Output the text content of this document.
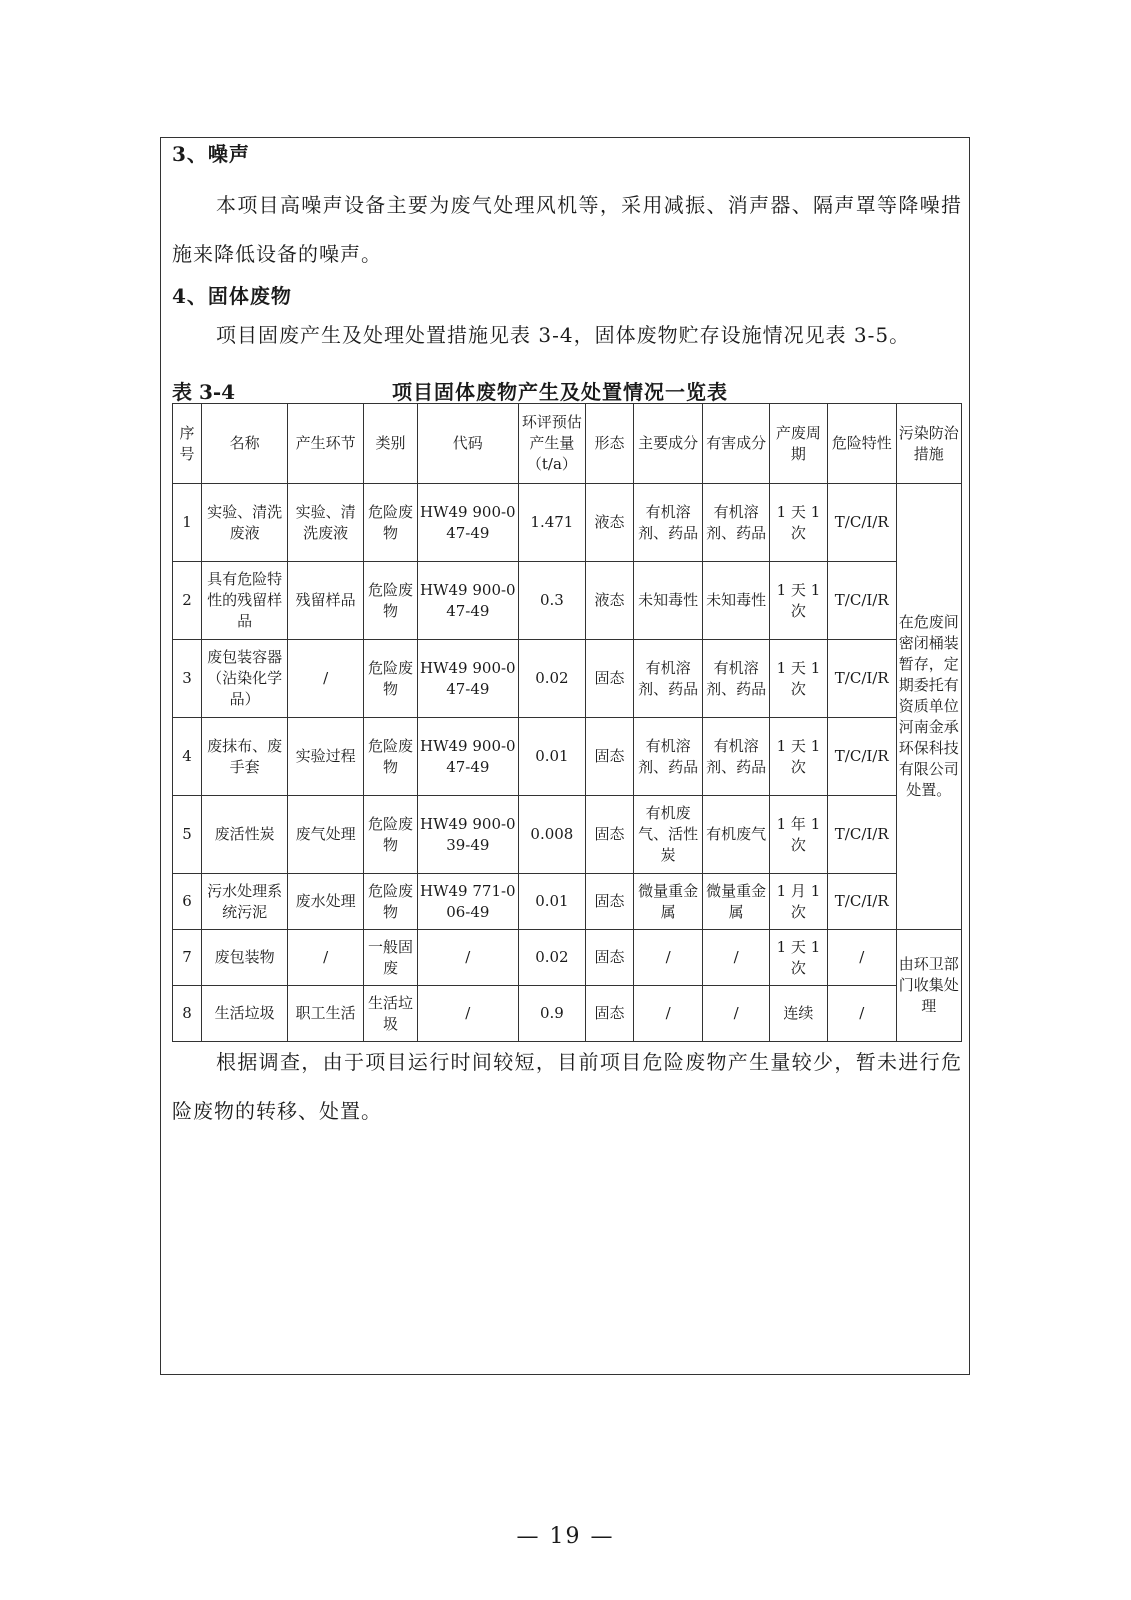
3、噪声

本项目高噪声设备主要为废气处理风机等，采用减振、消声器、隔声罩等降噪措施来降低设备的噪声。

4、固体废物

项目固废产生及处理处置措施见表 3-4，固体废物贮存设施情况见表 3-5。

表 3-4	项目固体废物产生及处置情况一览表
序号	名称	产生环节	类别	代码	环评预估产生量（t/a）	形态	主要成分	有害成分	产废周期	危险特性	污染防治措施
1	实验、清洗废液	实验、清洗废液	危险废物	HW49 900-047-49	1.471	液态	有机溶剂、药品	有机溶剂、药品	1 天 1 次	T/C/I/R	在危废间密闭桶装暂存，定期委托有资质单位河南金承环保科技有限公司处置。
2	具有危险特性的残留样品	残留样品	危险废物	HW49 900-047-49	0.3	液态	未知毒性	未知毒性	1 天 1 次	T/C/I/R	
3	废包装容器（沾染化学品）	/	危险废物	HW49 900-047-49	0.02	固态	有机溶剂、药品	有机溶剂、药品	1 天 1 次	T/C/I/R	
4	废抹布、废手套	实验过程	危险废物	HW49 900-047-49	0.01	固态	有机溶剂、药品	有机溶剂、药品	1 天 1 次	T/C/I/R	
5	废活性炭	废气处理	危险废物	HW49 900-039-49	0.008	固态	有机废气、活性炭	有机废气	1 年 1 次	T/C/I/R	
6	污水处理系统污泥	废水处理	危险废物	HW49 771-006-49	0.01	固态	微量重金属	微量重金属	1 月 1 次	T/C/I/R	
7	废包装物	/	一般固废	/	0.02	固态	/	/	1 天 1 次	/	由环卫部门收集处理
8	生活垃圾	职工生活	生活垃圾	/	0.9	固态	/	/	连续	/	

根据调查，由于项目运行时间较短，目前项目危险废物产生量较少，暂未进行危险废物的转移、处置。

— 19 —
